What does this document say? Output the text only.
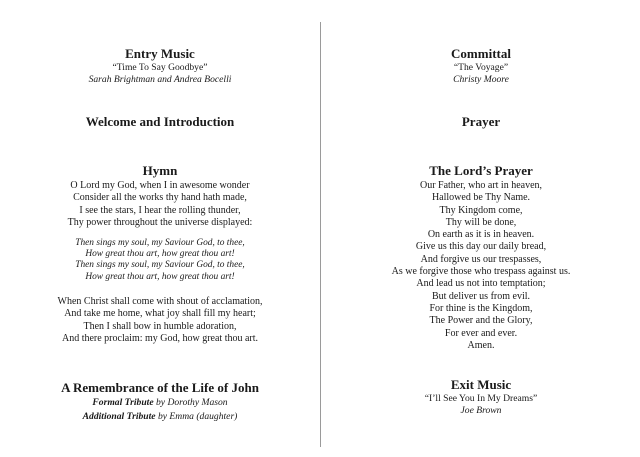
Entry Music
“Time To Say Goodbye”
Sarah Brightman and Andrea Bocelli
Welcome and Introduction
Hymn
O Lord my God, when I in awesome wonder
Consider all the works thy hand hath made,
I see the stars, I hear the rolling thunder,
Thy power throughout the universe displayed:
Then sings my soul, my Saviour God, to thee,
How great thou art, how great thou art!
Then sings my soul, my Saviour God, to thee,
How great thou art, how great thou art!
When Christ shall come with shout of acclamation,
And take me home, what joy shall fill my heart;
Then I shall bow in humble adoration,
And there proclaim: my God, how great thou art.
A Remembrance of the Life of John
Formal Tribute by Dorothy Mason
Additional Tribute by Emma (daughter)
Committal
“The Voyage”
Christy Moore
Prayer
The Lord’s Prayer
Our Father, who art in heaven,
Hallowed be Thy Name.
Thy Kingdom come,
Thy will be done,
On earth as it is in heaven.
Give us this day our daily bread,
And forgive us our trespasses,
As we forgive those who trespass against us.
And lead us not into temptation;
But deliver us from evil.
For thine is the Kingdom,
The Power and the Glory,
For ever and ever.
Amen.
Exit Music
“I’ll See You In My Dreams”
Joe Brown
